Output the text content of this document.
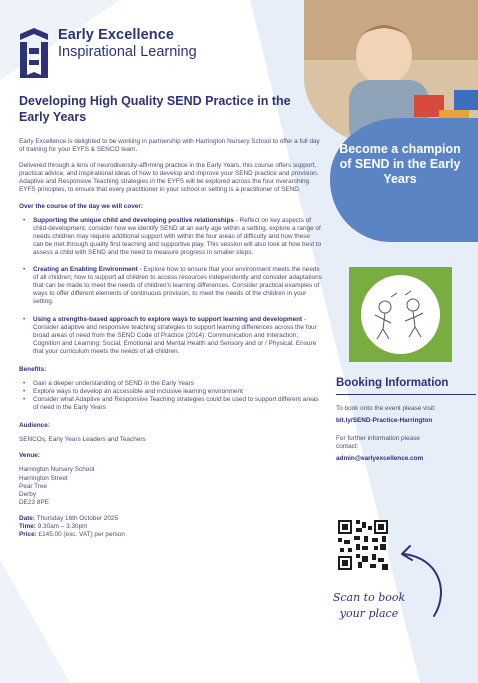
Early Excellence
Inspirational Learning
Become a champion of SEND in the Early Years
Developing High Quality SEND Practice in the Early Years

Early Excellence is delighted to be working in partnership with Harrington Nursery School to offer a full day of training for your EYFS & SENCO team.

Delivered through a lens of neurodiversity-affirming practice in the Early Years, this course offers support, practical advice, and inspirational ideas of how to develop and improve your SEND practice and provision. Adaptive and Responsive Teaching strategies in the EYFS will be explored across the four overarching EYFS principles, to ensure that every practitioner in your school or setting is a practitioner of SEND.

Over the course of the day we will cover:
• Supporting the unique child and developing positive relationships - Reflect on key aspects of child-development, consider how we identify SEND at an early age within a setting, explore a range of needs children may require additional support with within the four areas of difficulty and how these can be met through quality first teaching and supportive play. This session will also look at how best to assess a child with SEND and the need to measure progress in smaller steps.
• Creating an Enabling Environment - Explore how to ensure that your environment meets the needs of all children; how to support all children to access resources independently and consider adaptations that can be made to meet the needs of children's learning differences. Consider practical examples of ways to offer different elements of continuous provision, to meet the needs of the children in your setting.
• Using a strengths-based approach to explore ways to support learning and development - Consider adaptive and responsive teaching strategies to support learning differences across the four broad areas of need from the SEND Code of Practice (2014): Communication and Interaction; Cognition and Learning; Social, Emotional and Mental Health and Sensory and or / Physical. Ensure that your curriculum meets the needs of all children.
Benefits:
• Gain a deeper understanding of SEND in the Early Years
• Explore ways to develop an accessible and inclusive learning environment
• Consider what Adaptive and Responsive Teaching strategies could be used to support different areas of need in the Early Years
Audience:

SENCOs, Early Years Leaders and Teachers

Venue:
Harrington Nursery School
Harrington Street
Pear Tree
Derby
DE23 8PE
Date: Thursday 16th October 2025
Time: 9.30am – 3.30pm
Price: £145.00 (exc. VAT) per person
Booking Information
To book onto the event please visit:
bit.ly/SEND-Practice-Harrington
For further information please contact:
admin@earlyexcellence.com
Scan to book your place
